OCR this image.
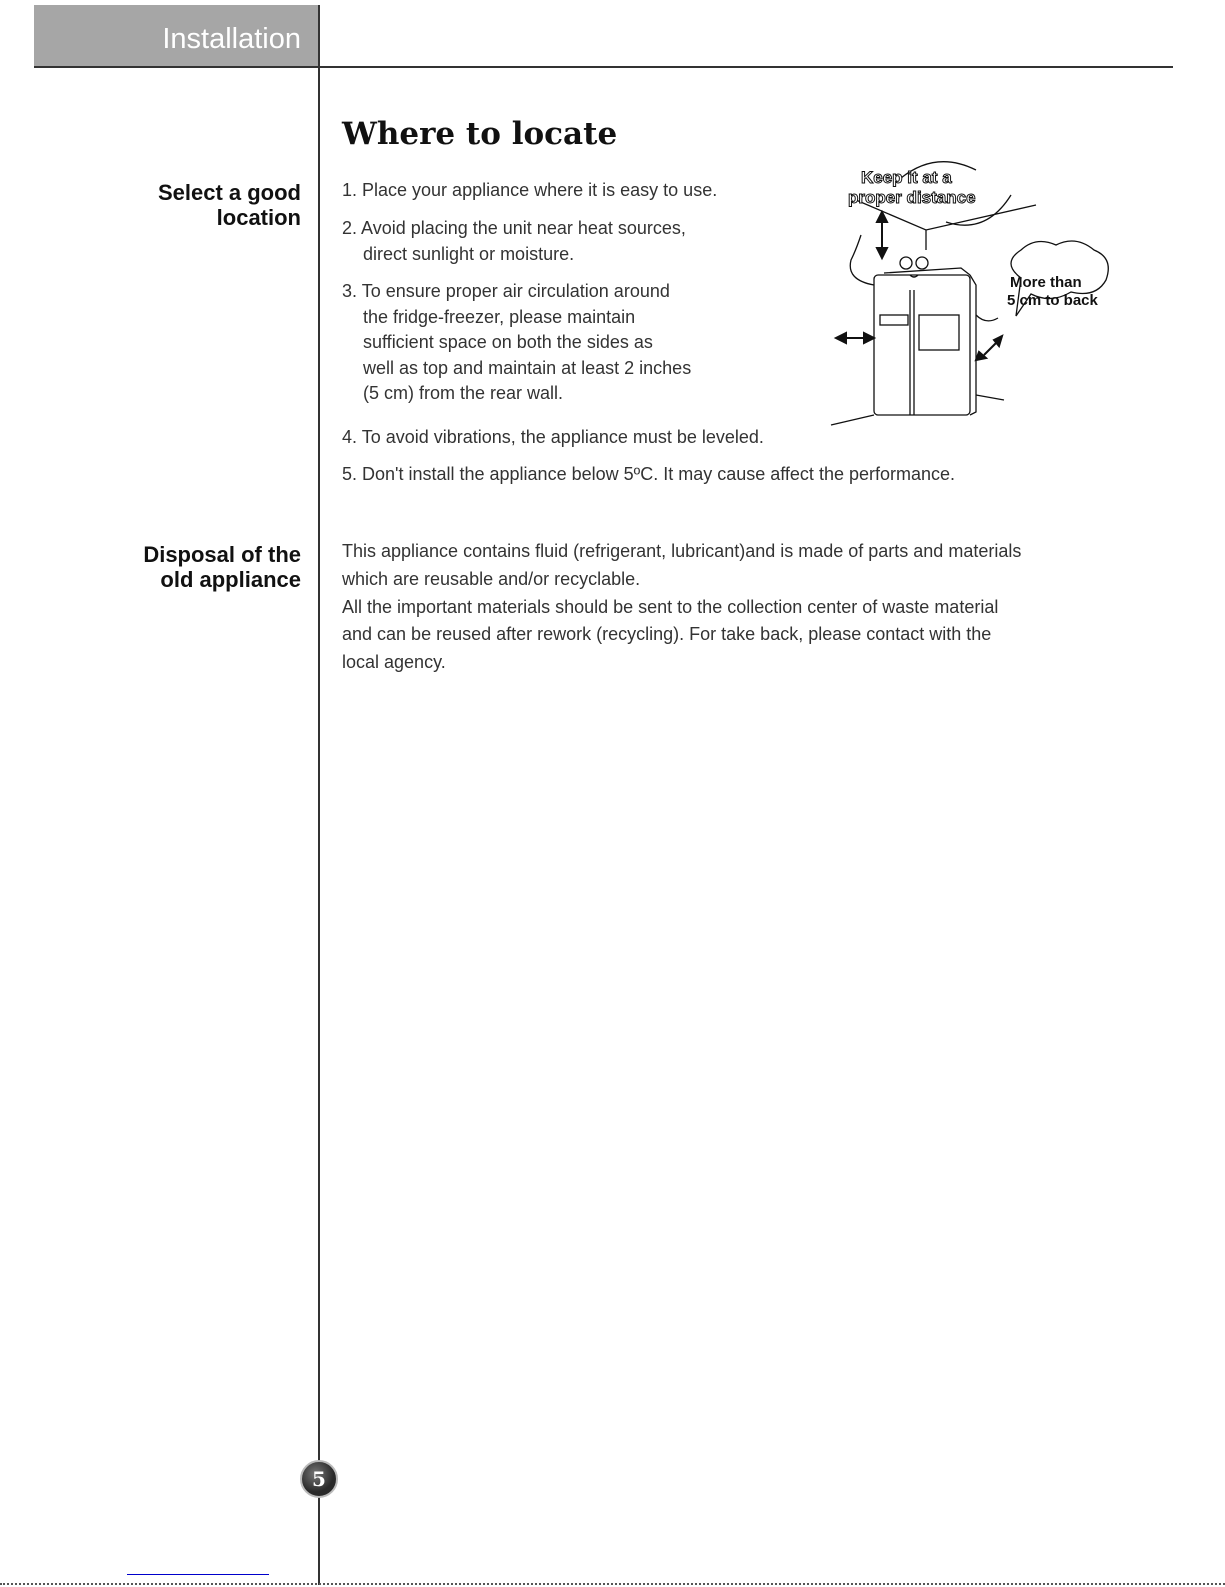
Installation
Select a good
location
Where to locate
1. Place your appliance where it is easy to use.
2. Avoid placing the unit near heat sources,
direct sunlight or moisture.
3. To ensure proper air circulation around
the fridge-freezer, please maintain
sufficient space on both the sides as
well as top and maintain at least 2 inches
(5 cm) from the rear wall.
4. To avoid vibrations, the appliance must be leveled.
5. Don't install the appliance below 5ºC. It may cause affect the performance.
Keep it at a
proper distance
More than
5 cm to back
Disposal of the
old appliance
This appliance contains fluid (refrigerant, lubricant)and is made of parts and materials
which are reusable and/or recyclable.
All the important materials should be sent to the collection center of waste material
and can be reused after rework (recycling). For take back, please contact with the
local agency.
5
